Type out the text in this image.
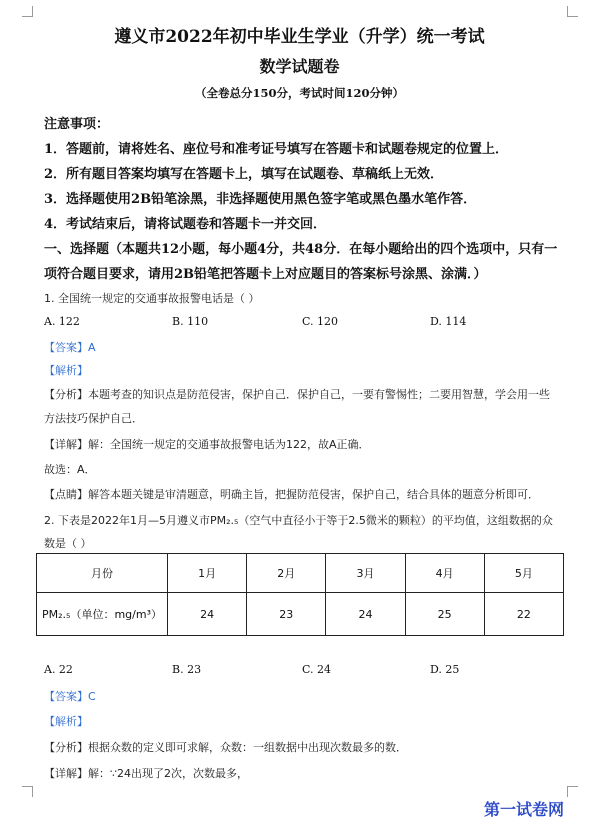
遵义市2022年初中毕业生学业（升学）统一考试
数学试题卷
（全卷总分150分，考试时间120分钟）
注意事项：
1．答题前，请将姓名、座位号和准考证号填写在答题卡和试题卷规定的位置上．
2．所有题目答案均填写在答题卡上，填写在试题卷、草稿纸上无效．
3．选择题使用2B铅笔涂黑，非选择题使用黑色签字笔或黑色墨水笔作答．
4．考试结束后，请将试题卷和答题卡一并交回．
一、选择题（本题共12小题，每小题4分，共48分．在每小题给出的四个选项中，只有一
项符合题目要求，请用2B铅笔把答题卡上对应题目的答案标号涂黑、涂满．）
1. 全国统一规定的交通事故报警电话是（ ）
A. 122	B. 110	C. 120	D. 114
【答案】A
【解析】
【分析】本题考查的知识点是防范侵害，保护自己．保护自己，一要有警惕性；二要用智慧，学会用一些
方法技巧保护自己．
【详解】解：全国统一规定的交通事故报警电话为122，故A正确．
故选：A．
【点睛】解答本题关键是审清题意，明确主旨，把握防范侵害，保护自己，结合具体的题意分析即可．
2. 下表是2022年1月—5月遵义市PM₂.₅（空气中直径小于等于2.5微米的颗粒）的平均值，这组数据的众
数是（ ）
月份	1月	2月	3月	4月	5月
PM₂.₅（单位：mg/m³）	24	23	24	25	22
A. 22	B. 23	C. 24	D. 25
【答案】C
【解析】
【分析】根据众数的定义即可求解，众数：一组数据中出现次数最多的数．
【详解】解：∵24出现了2次，次数最多，
第一试卷网
